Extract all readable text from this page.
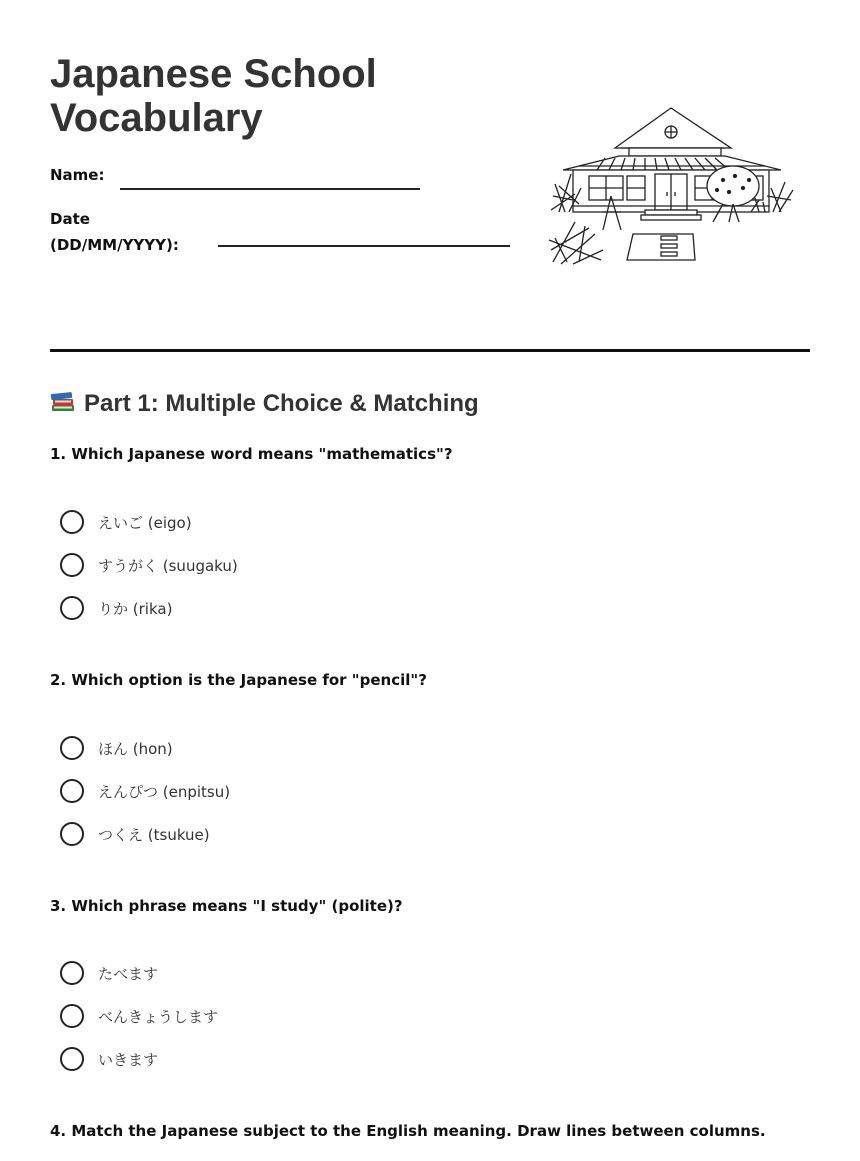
Japanese School
Vocabulary
Name:
Date
(DD/MM/YYYY):
Part 1: Multiple Choice & Matching
1. Which Japanese word means "mathematics"?
えいご (eigo)
すうがく (suugaku)
りか (rika)
2. Which option is the Japanese for "pencil"?
ほん (hon)
えんぴつ (enpitsu)
つくえ (tsukue)
3. Which phrase means "I study" (polite)?
たべます
べんきょうします
いきます
4. Match the Japanese subject to the English meaning. Draw lines between columns.
